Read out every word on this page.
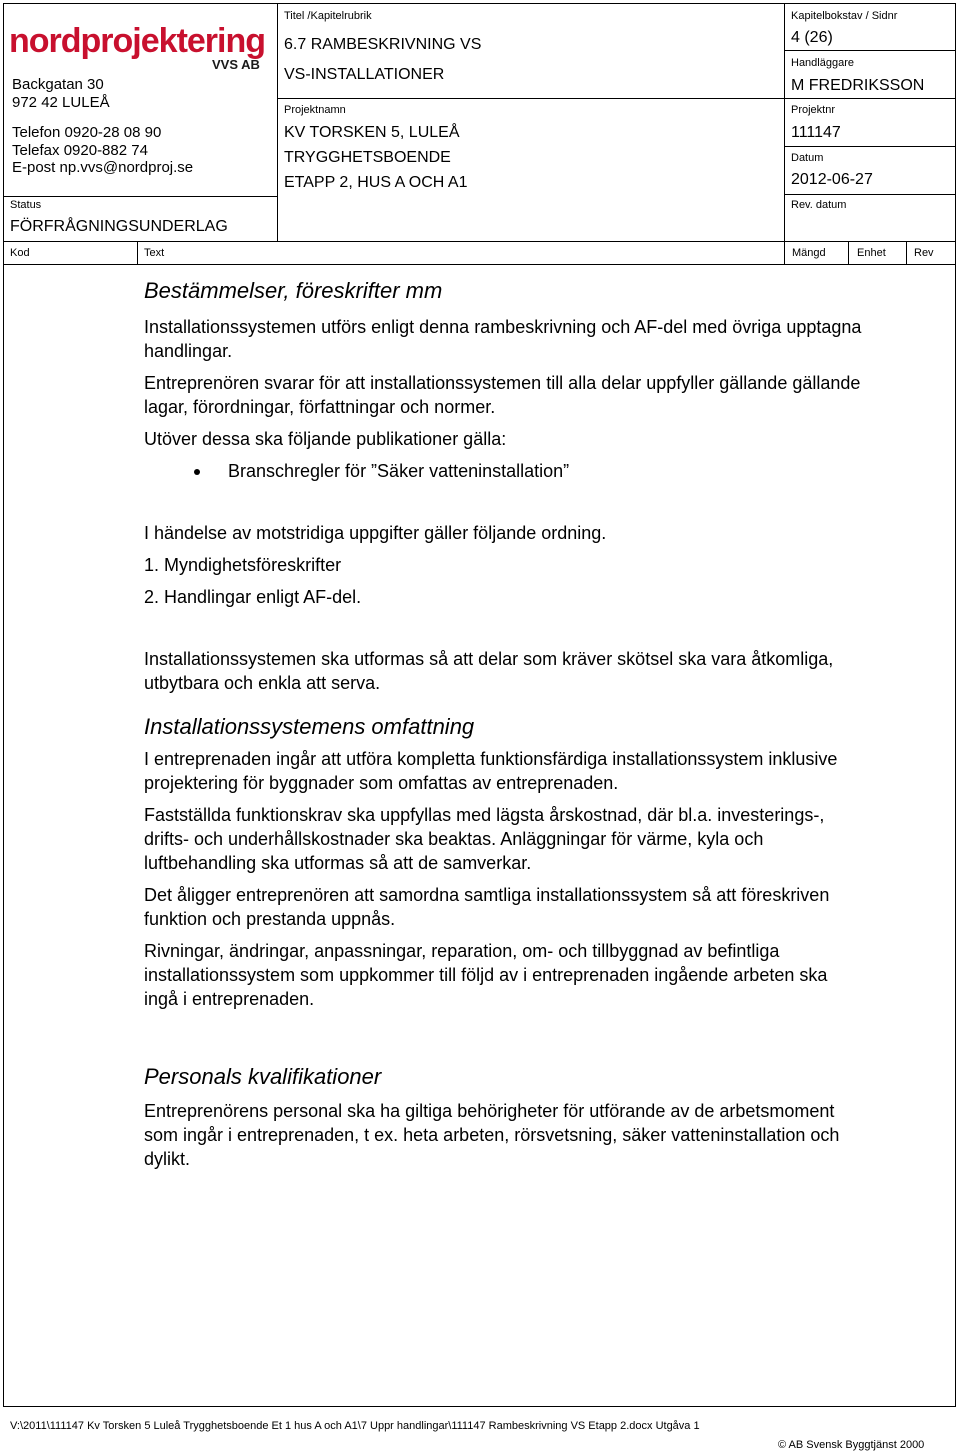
nordprojektering
VVS AB
Backgatan 30
972 42 LULEÅ
Telefon 0920-28 08 90
Telefax 0920-882 74
E-post np.vvs@nordproj.se
Status
FÖRFRÅGNINGSUNDERLAG
Titel /Kapitelrubrik
6.7 RAMBESKRIVNING VS
VS-INSTALLATIONER
Projektnamn
KV TORSKEN 5, LULEÅ
TRYGGHETSBOENDE
ETAPP 2, HUS A OCH A1
Kapitelbokstav / Sidnr
4 (26)
Handläggare
M FREDRIKSSON
Projektnr
111147
Datum
2012-06-27
Rev. datum
Kod	Text	Mängd	Enhet	Rev

Bestämmelser, föreskrifter mm

Installationssystemen utförs enligt denna rambeskrivning och AF-del med övriga upptagna handlingar.

Entreprenören svarar för att installationssystemen till alla delar uppfyller gällande gällande lagar, förordningar, författningar och normer.

Utöver dessa ska följande publikationer gälla:

Branschregler för ”Säker vatteninstallation”

I händelse av motstridiga uppgifter gäller följande ordning.

1. Myndighetsföreskrifter

2. Handlingar enligt AF-del.

Installationssystemen ska utformas så att delar som kräver skötsel ska vara åtkomliga, utbytbara och enkla att serva.

Installationssystemens omfattning

I entreprenaden ingår att utföra kompletta funktionsfärdiga installationssystem inklusive projektering för byggnader som omfattas av entreprenaden.

Fastställda funktionskrav ska uppfyllas med lägsta årskostnad, där bl.a. investerings-, drifts- och underhållskostnader ska beaktas. Anläggningar för värme, kyla och luftbehandling ska utformas så att de samverkar.

Det åligger entreprenören att samordna samtliga installationssystem så att föreskriven funktion och prestanda uppnås.

Rivningar, ändringar, anpassningar, reparation, om- och tillbyggnad av befintliga installationssystem som uppkommer till följd av i entreprenaden ingående arbeten ska ingå i entreprenaden.

Personals kvalifikationer

Entreprenörens personal ska ha giltiga behörigheter för utförande av de arbetsmoment som ingår i entreprenaden, t ex. heta arbeten, rörsvetsning, säker vatteninstallation och dylikt.

V:\2011\111147 Kv Torsken 5 Luleå Trygghetsboende Et 1 hus A och A1\7 Uppr handlingar\111147 Rambeskrivning VS Etapp 2.docx Utgåva 1
© AB Svensk Byggtjänst 2000
